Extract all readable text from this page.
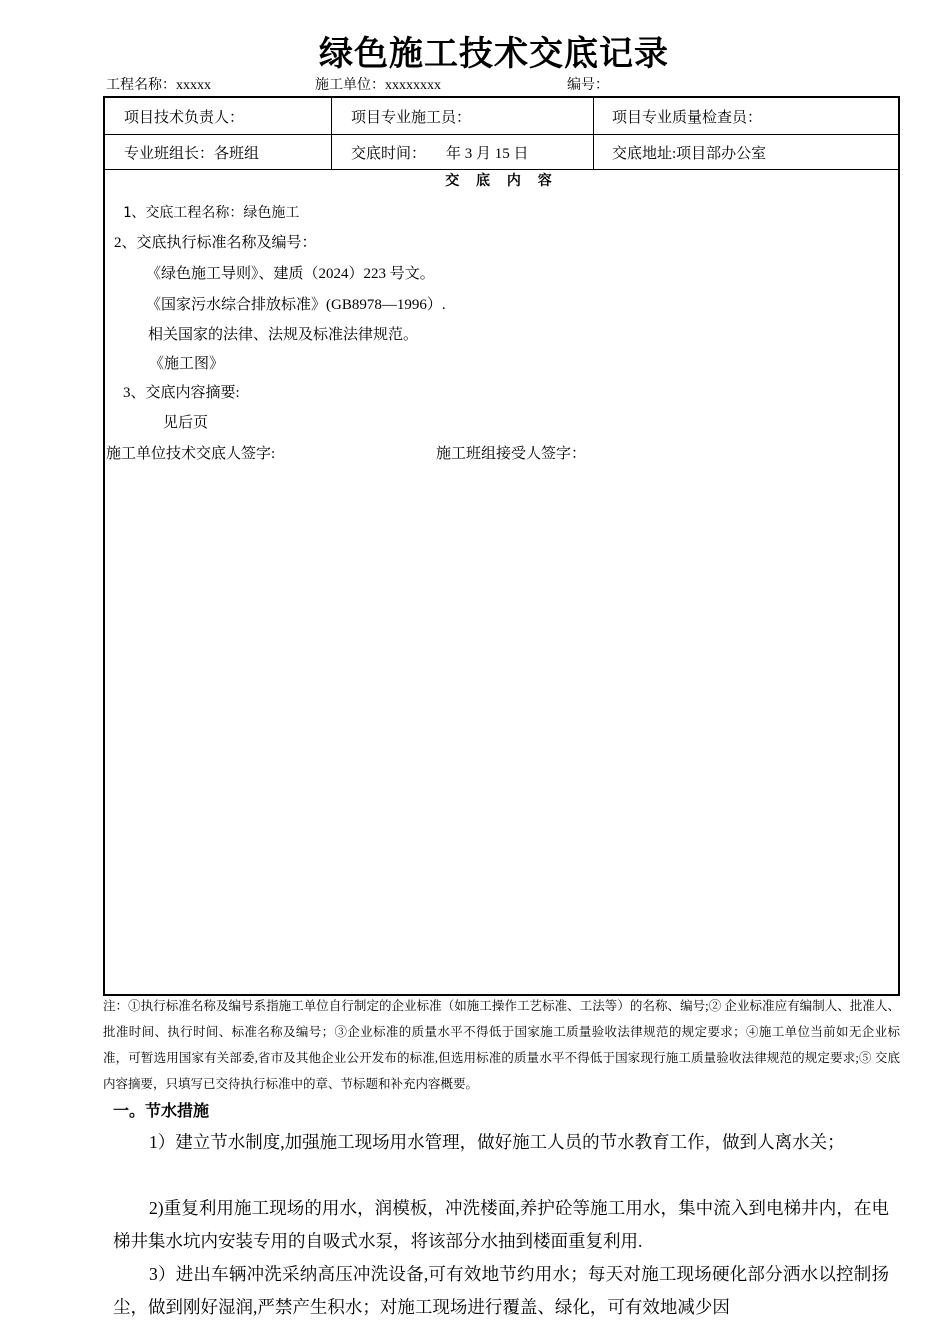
绿色施工技术交底记录
工程名称：xxxxx	施工单位：xxxxxxxx	编号：
项目技术负责人：	项目专业施工员：	项目专业质量检查员：
专业班组长：各班组	交底时间： 年 3 月 15 日	交底地址:项目部办公室
交 底 内 容
1、交底工程名称：绿色施工
2、交底执行标准名称及编号：
《绿色施工导则》、建质（2024）223 号文。
《国家污水综合排放标准》(GB8978—1996）.
相关国家的法律、法规及标准法律规范。
《施工图》
3、交底内容摘要:
见后页
施工单位技术交底人签字:	施工班组接受人签字：
注：①执行标准名称及编号系指施工单位自行制定的企业标准（如施工操作工艺标准、工法等）的名称、编号;② 企业标准应有编制人、批准人、批准时间、执行时间、标准名称及编号；③企业标准的质量水平不得低于国家施工质量验收法律规范的规定要求；④施工单位当前如无企业标准，可暂选用国家有关部委,省市及其他企业公开发布的标准,但选用标准的质量水平不得低于国家现行施工质量验收法律规范的规定要求;⑤ 交底内容摘要，只填写已交待执行标准中的章、节标题和补充内容概要。
一。节水措施
1）建立节水制度,加强施工现场用水管理，做好施工人员的节水教育工作，做到人离水关；
2)重复利用施工现场的用水，润模板，冲洗楼面,养护砼等施工用水，集中流入到电梯井内，在电梯井集水坑内安装专用的自吸式水泵，将该部分水抽到楼面重复利用.
3）进出车辆冲洗采纳高压冲洗设备,可有效地节约用水；每天对施工现场硬化部分洒水以控制扬尘，做到刚好湿润,严禁产生积水；对施工现场进行覆盖、绿化，可有效地减少因
